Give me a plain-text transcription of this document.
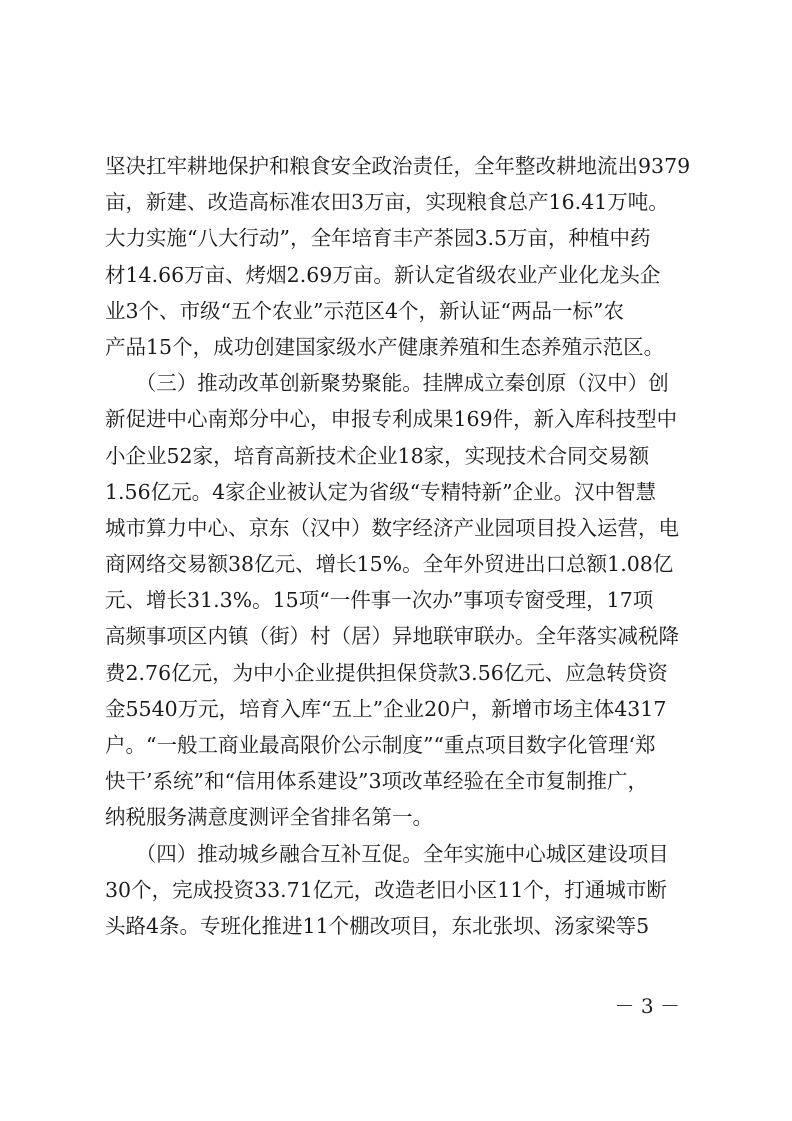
坚决扛牢耕地保护和粮食安全政治责任，全年整改耕地流出9379
亩，新建、改造高标准农田3万亩，实现粮食总产16.41万吨。
大力实施“八大行动”，全年培育丰产茶园3.5万亩，种植中药
材14.66万亩、烤烟2.69万亩。新认定省级农业产业化龙头企
业3个、市级“五个农业”示范区4个，新认证“两品一标”农
产品15个，成功创建国家级水产健康养殖和生态养殖示范区。
　　（三）推动改革创新聚势聚能。挂牌成立秦创原（汉中）创
新促进中心南郑分中心，申报专利成果169件，新入库科技型中
小企业52家，培育高新技术企业18家，实现技术合同交易额
1.56亿元。4家企业被认定为省级“专精特新”企业。汉中智慧
城市算力中心、京东（汉中）数字经济产业园项目投入运营，电
商网络交易额38亿元、增长15%。全年外贸进出口总额1.08亿
元、增长31.3%。15项“一件事一次办”事项专窗受理，17项
高频事项区内镇（街）村（居）异地联审联办。全年落实减税降
费2.76亿元，为中小企业提供担保贷款3.56亿元、应急转贷资
金5540万元，培育入库“五上”企业20户，新增市场主体4317
户。“一般工商业最高限价公示制度”“重点项目数字化管理‘郑
快干’系统”和“信用体系建设”3项改革经验在全市复制推广，
纳税服务满意度测评全省排名第一。
　　（四）推动城乡融合互补互促。全年实施中心城区建设项目
30个，完成投资33.71亿元，改造老旧小区11个，打通城市断
头路4条。专班化推进11个棚改项目，东北张坝、汤家梁等5
－ 3 －
